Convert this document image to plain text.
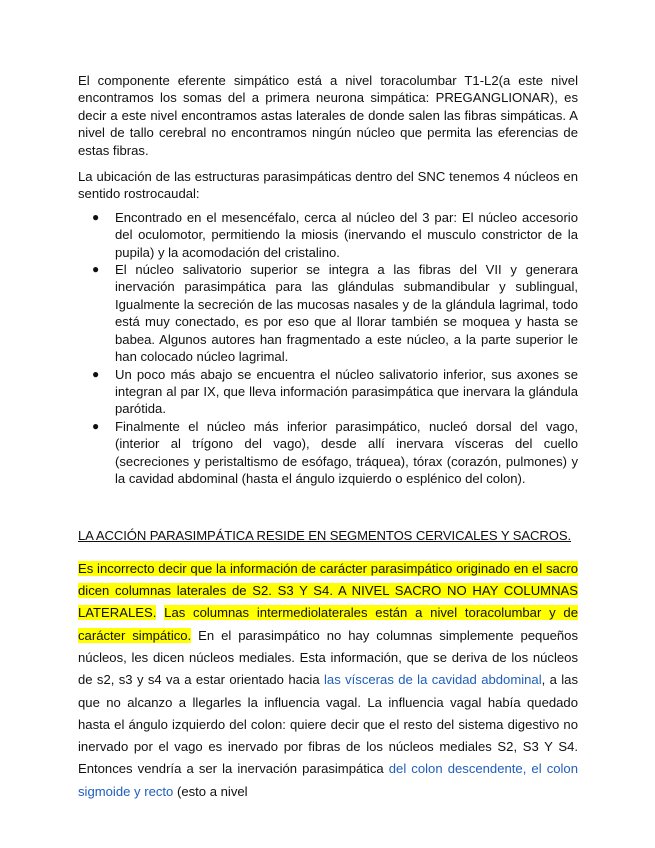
El componente eferente simpático está a nivel toracolumbar T1-L2(a este nivel encontramos los somas del a primera neurona simpática: PREGANGLIONAR), es decir a este nivel encontramos astas laterales de donde salen las fibras simpáticas. A nivel de tallo cerebral no encontramos ningún núcleo que permita las eferencias de estas fibras.

La ubicación de las estructuras parasimpáticas dentro del SNC tenemos 4 núcleos en sentido rostrocaudal:

● Encontrado en el mesencéfalo, cerca al núcleo del 3 par: El núcleo accesorio del oculomotor, permitiendo la miosis (inervando el musculo constrictor de la pupila) y la acomodación del cristalino.
● El núcleo salivatorio superior se integra a las fibras del VII y generara inervación parasimpática para las glándulas submandibular y sublingual, Igualmente la secreción de las mucosas nasales y de la glándula lagrimal, todo está muy conectado, es por eso que al llorar también se moquea y hasta se babea. Algunos autores han fragmentado a este núcleo, a la parte superior le han colocado núcleo lagrimal.
● Un poco más abajo se encuentra el núcleo salivatorio inferior, sus axones se integran al par IX, que lleva información parasimpática que inervara la glándula parótida.
● Finalmente el núcleo más inferior parasimpático, nucleó dorsal del vago, (interior al trígono del vago), desde allí inervara vísceras del cuello (secreciones y peristaltismo de esófago, tráquea), tórax (corazón, pulmones) y la cavidad abdominal (hasta el ángulo izquierdo o esplénico del colon).
LA ACCIÓN PARASIMPÁTICA RESIDE EN SEGMENTOS CERVICALES Y SACROS.

Es incorrecto decir que la información de carácter parasimpático originado en el sacro dicen columnas laterales de S2. S3 Y S4. A NIVEL SACRO NO HAY COLUMNAS LATERALES. Las columnas intermediolaterales están a nivel toracolumbar y de carácter simpático. En el parasimpático no hay columnas simplemente pequeños núcleos, les dicen núcleos mediales. Esta información, que se deriva de los núcleos de s2, s3 y s4 va a estar orientado hacia las vísceras de la cavidad abdominal, a las que no alcanzo a llegarles la influencia vagal. La influencia vagal había quedado hasta el ángulo izquierdo del colon: quiere decir que el resto del sistema digestivo no inervado por el vago es inervado por fibras de los núcleos mediales S2, S3 Y S4. Entonces vendría a ser la inervación parasimpática del colon descendente, el colon sigmoide y recto (esto a nivel
